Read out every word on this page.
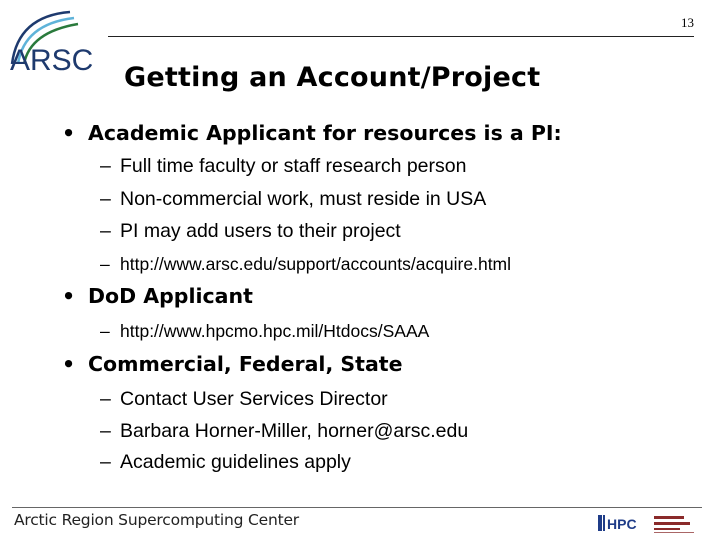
13
ARSC
Getting an Account/Project
• Academic Applicant for resources is a PI:
– Full time faculty or staff research person
– Non-commercial work, must reside in USA
– PI may add users to their project
– http://www.arsc.edu/support/accounts/acquire.html
• DoD Applicant
– http://www.hpcmo.hpc.mil/Htdocs/SAAA
• Commercial, Federal, State
– Contact User Services Director
– Barbara Horner-Miller, horner@arsc.edu
– Academic guidelines apply
Arctic Region Supercomputing Center	HPC
